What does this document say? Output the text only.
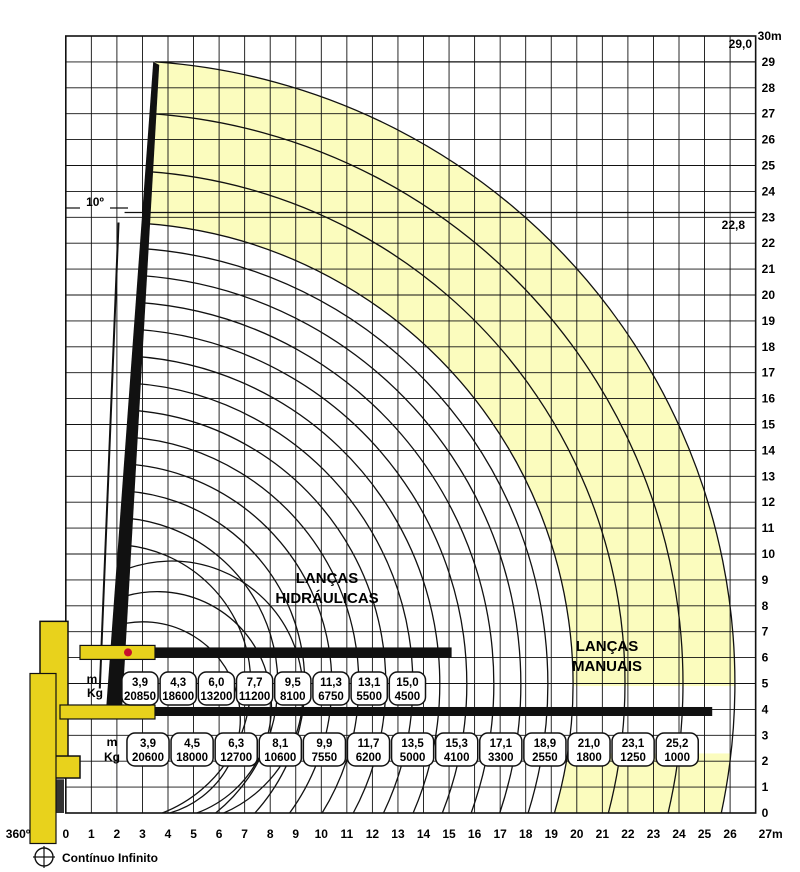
0
1
2
3
4
5
6
7
8
9
10
11
12
13
14
15
16
17
18
19
20
21
22
23
24
25
26
27
28
29
30m
1 2 3 4 5 6 7 8 9 10 11 12 13 14 15 16 17 18 19 20 21 22 23 24 25 26
0
360º	27m
LANÇAS
HIDRÁULICAS
LANÇAS
MANUAIS
29,0
22,8
10º
m
Kg
m
Kg
3,9
20850
4,3
18600
6,0
13200
7,7
11200
9,5
8100
11,3
6750
13,1
5500
15,0
4500
3,9
20600
4,5
18000
6,3
12700
8,1
10600
9,9
7550
11,7
6200
13,5
5000
15,3
4100
17,1
3300
18,9
2550
21,0
1800
23,1
1250
25,2
1000
Contínuo Infinito
